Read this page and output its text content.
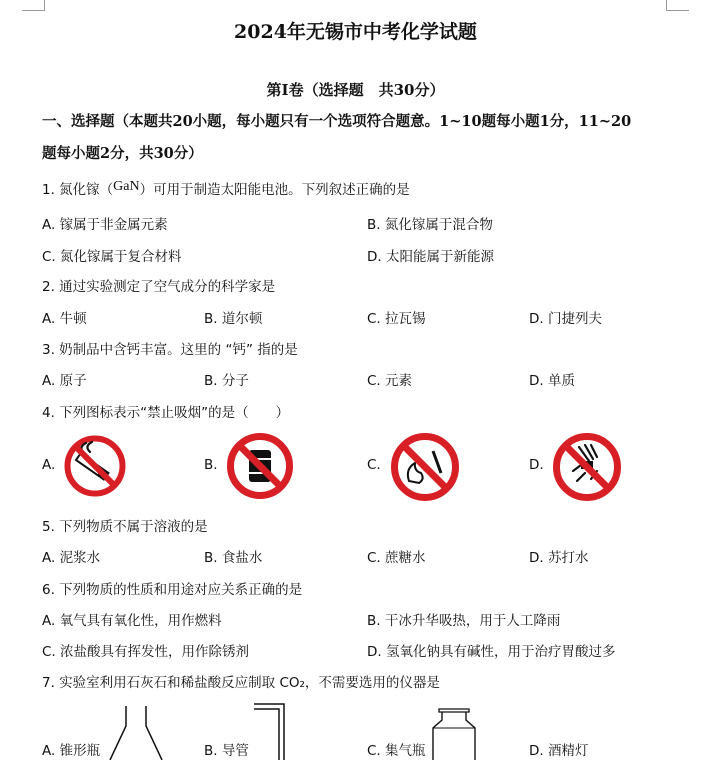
2024年无锡市中考化学试题
第Ⅰ卷（选择题　共30分）
一、选择题（本题共20小题，每小题只有一个选项符合题意。1~10题每小题1分，11~20
题每小题2分，共30分）
1. 氮化镓（GaN）可用于制造太阳能电池。下列叙述正确的是
A. 镓属于非金属元素	B. 氮化镓属于混合物
C. 氮化镓属于复合材料	D. 太阳能属于新能源
2. 通过实验测定了空气成分的科学家是
A. 牛顿	B. 道尔顿	C. 拉瓦锡	D. 门捷列夫
3. 奶制品中含钙丰富。这里的 “钙” 指的是
A. 原子	B. 分子	C. 元素	D. 单质
4. 下列图标表示“禁止吸烟”的是（　　）
A.	B.	C.	D.
5. 下列物质不属于溶液的是
A. 泥浆水	B. 食盐水	C. 蔗糖水	D. 苏打水
6. 下列物质的性质和用途对应关系正确的是
A. 氧气具有氧化性，用作燃料	B. 干冰升华吸热，用于人工降雨
C. 浓盐酸具有挥发性，用作除锈剂	D. 氢氧化钠具有碱性，用于治疗胃酸过多
7. 实验室利用石灰石和稀盐酸反应制取 CO₂，不需要选用的仪器是
A. 锥形瓶	B. 导管	C. 集气瓶	D. 酒精灯
